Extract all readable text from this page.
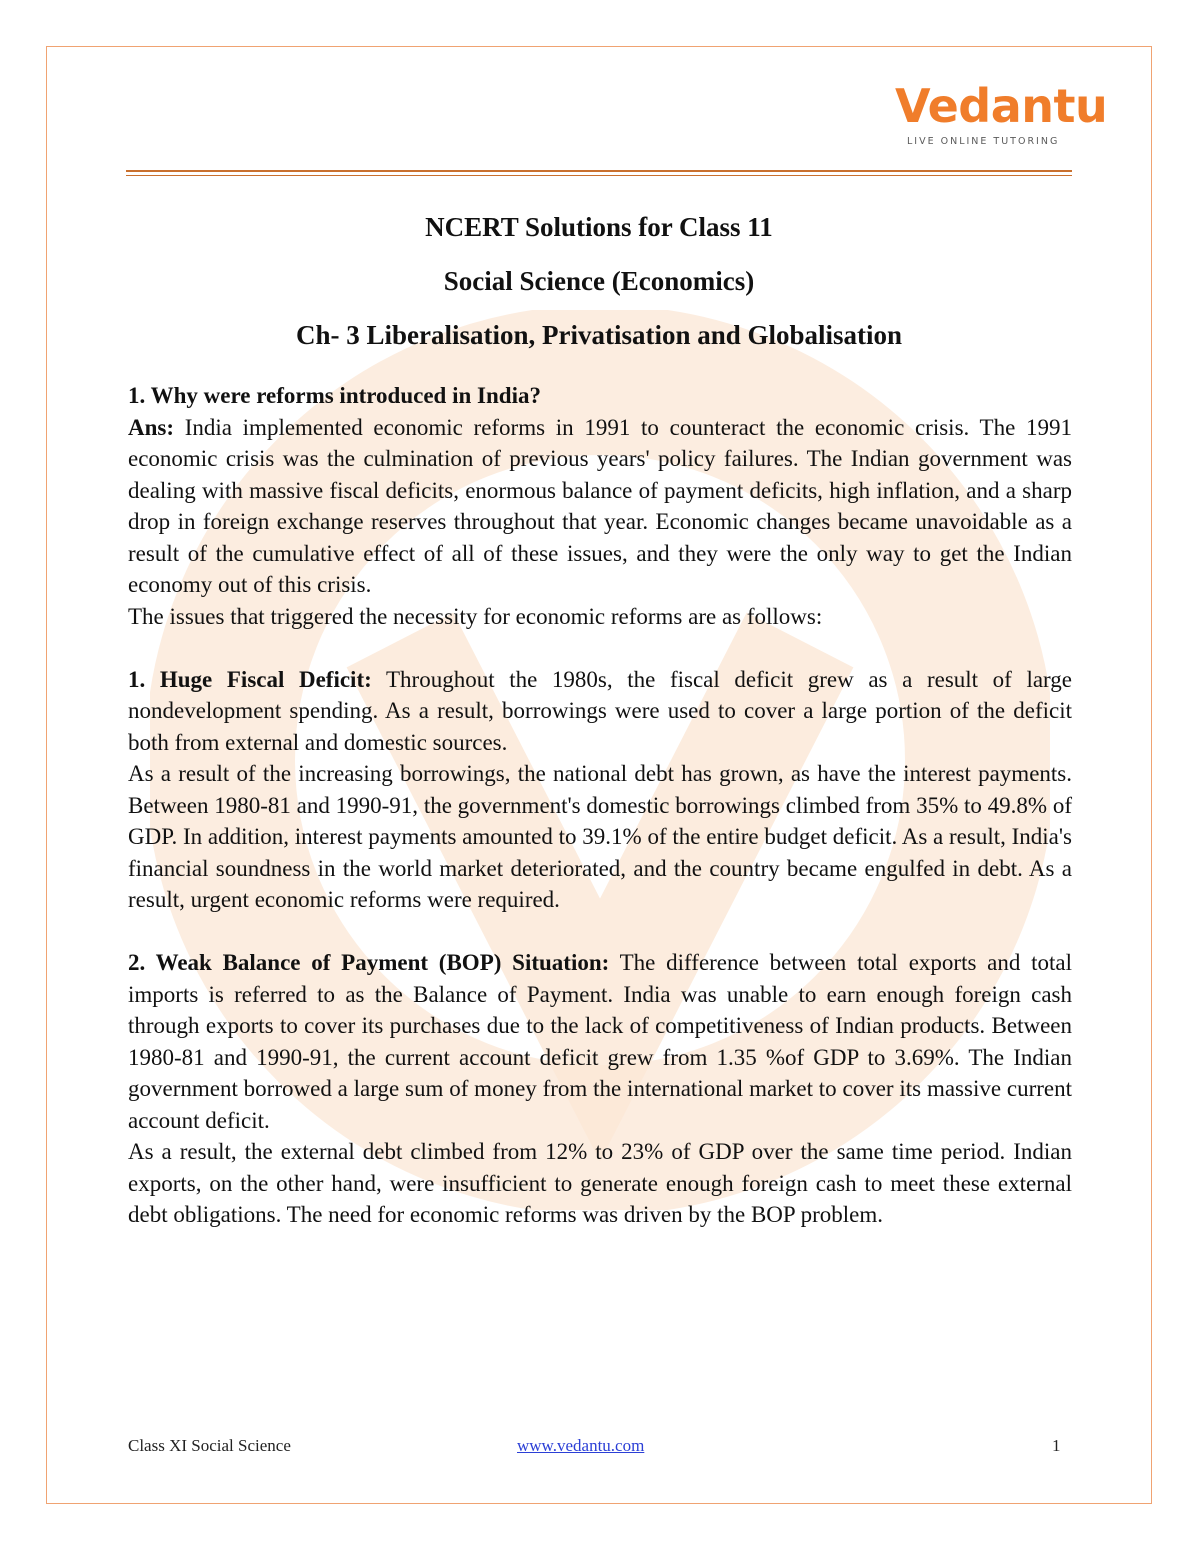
Vedantu
LIVE ONLINE TUTORING

NCERT Solutions for Class 11

Social Science (Economics)

Ch- 3 Liberalisation, Privatisation and Globalisation

1. Why were reforms introduced in India?

Ans: India implemented economic reforms in 1991 to counteract the economic crisis. The 1991 economic crisis was the culmination of previous years' policy failures. The Indian government was dealing with massive fiscal deficits, enormous balance of payment deficits, high inflation, and a sharp drop in foreign exchange reserves throughout that year. Economic changes became unavoidable as a result of the cumulative effect of all of these issues, and they were the only way to get the Indian economy out of this crisis.

The issues that triggered the necessity for economic reforms are as follows:

1. Huge Fiscal Deficit: Throughout the 1980s, the fiscal deficit grew as a result of large nondevelopment spending. As a result, borrowings were used to cover a large portion of the deficit both from external and domestic sources.

As a result of the increasing borrowings, the national debt has grown, as have the interest payments. Between 1980-81 and 1990-91, the government's domestic borrowings climbed from 35% to 49.8% of GDP. In addition, interest payments amounted to 39.1% of the entire budget deficit. As a result, India's financial soundness in the world market deteriorated, and the country became engulfed in debt. As a result, urgent economic reforms were required.

2. Weak Balance of Payment (BOP) Situation: The difference between total exports and total imports is referred to as the Balance of Payment. India was unable to earn enough foreign cash through exports to cover its purchases due to the lack of competitiveness of Indian products. Between 1980-81 and 1990-91, the current account deficit grew from 1.35 %of GDP to 3.69%. The Indian government borrowed a large sum of money from the international market to cover its massive current account deficit.

As a result, the external debt climbed from 12% to 23% of GDP over the same time period. Indian exports, on the other hand, were insufficient to generate enough foreign cash to meet these external debt obligations. The need for economic reforms was driven by the BOP problem.

Class XI Social Science	www.vedantu.com	1
